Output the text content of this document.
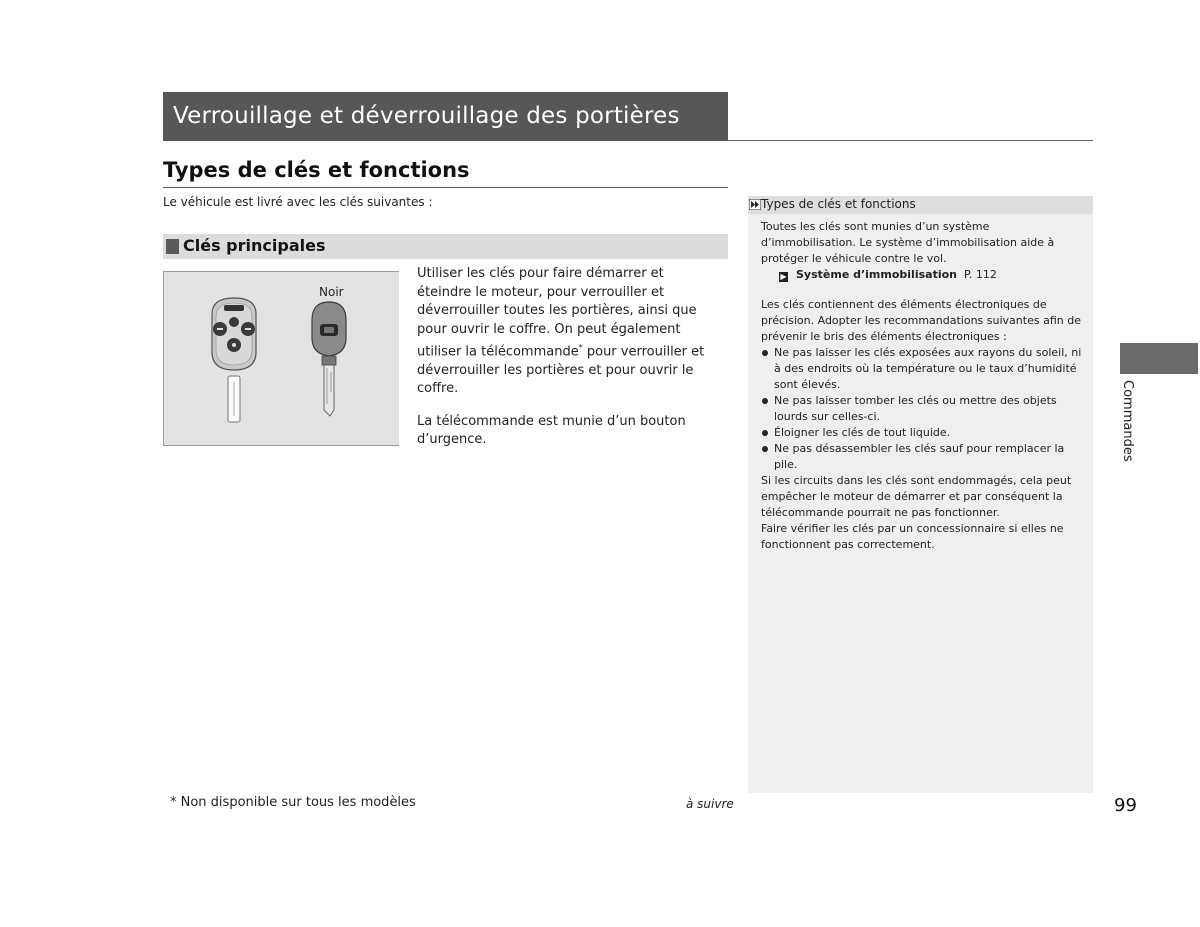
Verrouillage et déverrouillage des portières
Types de clés et fonctions
Le véhicule est livré avec les clés suivantes :
Clés principales
Noir

Utiliser les clés pour faire démarrer et éteindre le moteur, pour verrouiller et déverrouiller toutes les portières, ainsi que pour ouvrir le coffre. On peut également utiliser la télécommande* pour verrouiller et déverrouiller les portières et pour ouvrir le coffre.

La télécommande est munie d’un bouton d’urgence.

Types de clés et fonctions

Toutes les clés sont munies d’un système d’immobilisation. Le système d’immobilisation aide à protéger le véhicule contre le vol.

▶ Système d’immobilisation P. 112

Les clés contiennent des éléments électroniques de précision. Adopter les recommandations suivantes afin de prévenir le bris des éléments électroniques :

Ne pas laisser les clés exposées aux rayons du soleil, ni à des endroits où la température ou le taux d’humidité sont élevés.
Ne pas laisser tomber les clés ou mettre des objets lourds sur celles-ci.
Éloigner les clés de tout liquide.
Ne pas désassembler les clés sauf pour remplacer la pile.

Si les circuits dans les clés sont endommagés, cela peut empêcher le moteur de démarrer et par conséquent la télécommande pourrait ne pas fonctionner.

Faire vérifier les clés par un concessionnaire si elles ne fonctionnent pas correctement.

Commandes
* Non disponible sur tous les modèles	à suivre	99
